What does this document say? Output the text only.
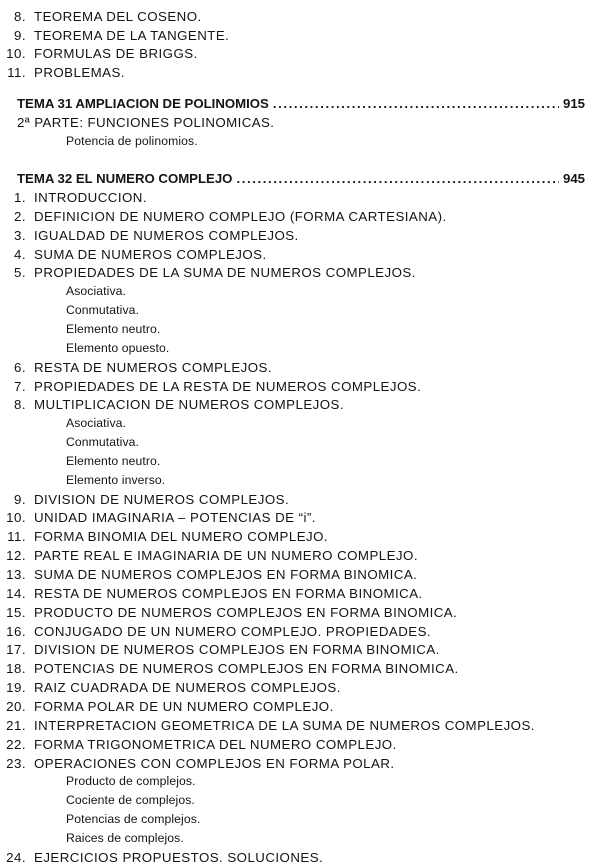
8. TEOREMA DEL COSENO.
9. TEOREMA DE LA TANGENTE.
10. FORMULAS DE BRIGGS.
11. PROBLEMAS.
TEMA 31 AMPLIACION DE POLINOMIOS .....	915
2ª PARTE: FUNCIONES POLINOMICAS.
Potencia de polinomios.
TEMA 32 EL NUMERO COMPLEJO .....	945
1. INTRODUCCION.
2. DEFINICION DE NUMERO COMPLEJO (FORMA CARTESIANA).
3. IGUALDAD DE NUMEROS COMPLEJOS.
4. SUMA DE NUMEROS COMPLEJOS.
5. PROPIEDADES DE LA SUMA DE NUMEROS COMPLEJOS.
Asociativa.
Conmutativa.
Elemento neutro.
Elemento opuesto.
6. RESTA DE NUMEROS COMPLEJOS.
7. PROPIEDADES DE LA RESTA DE NUMEROS COMPLEJOS.
8. MULTIPLICACION DE NUMEROS COMPLEJOS.
Asociativa.
Conmutativa.
Elemento neutro.
Elemento inverso.
9. DIVISION DE NUMEROS COMPLEJOS.
10. UNIDAD IMAGINARIA – POTENCIAS DE “i”.
11. FORMA BINOMIA DEL NUMERO COMPLEJO.
12. PARTE REAL E IMAGINARIA DE UN NUMERO COMPLEJO.
13. SUMA DE NUMEROS COMPLEJOS EN FORMA BINOMICA.
14. RESTA DE NUMEROS COMPLEJOS EN FORMA BINOMICA.
15. PRODUCTO DE NUMEROS COMPLEJOS EN FORMA BINOMICA.
16. CONJUGADO DE UN NUMERO COMPLEJO. PROPIEDADES.
17. DIVISION DE NUMEROS COMPLEJOS EN FORMA BINOMICA.
18. POTENCIAS DE NUMEROS COMPLEJOS EN FORMA BINOMICA.
19. RAIZ CUADRADA DE NUMEROS COMPLEJOS.
20. FORMA POLAR DE UN NUMERO COMPLEJO.
21. INTERPRETACION GEOMETRICA DE LA SUMA DE NUMEROS COMPLEJOS.
22. FORMA TRIGONOMETRICA DEL NUMERO COMPLEJO.
23. OPERACIONES CON COMPLEJOS EN FORMA POLAR.
Producto de complejos.
Cociente de complejos.
Potencias de complejos.
Raices de complejos.
24. EJERCICIOS PROPUESTOS. SOLUCIONES.
